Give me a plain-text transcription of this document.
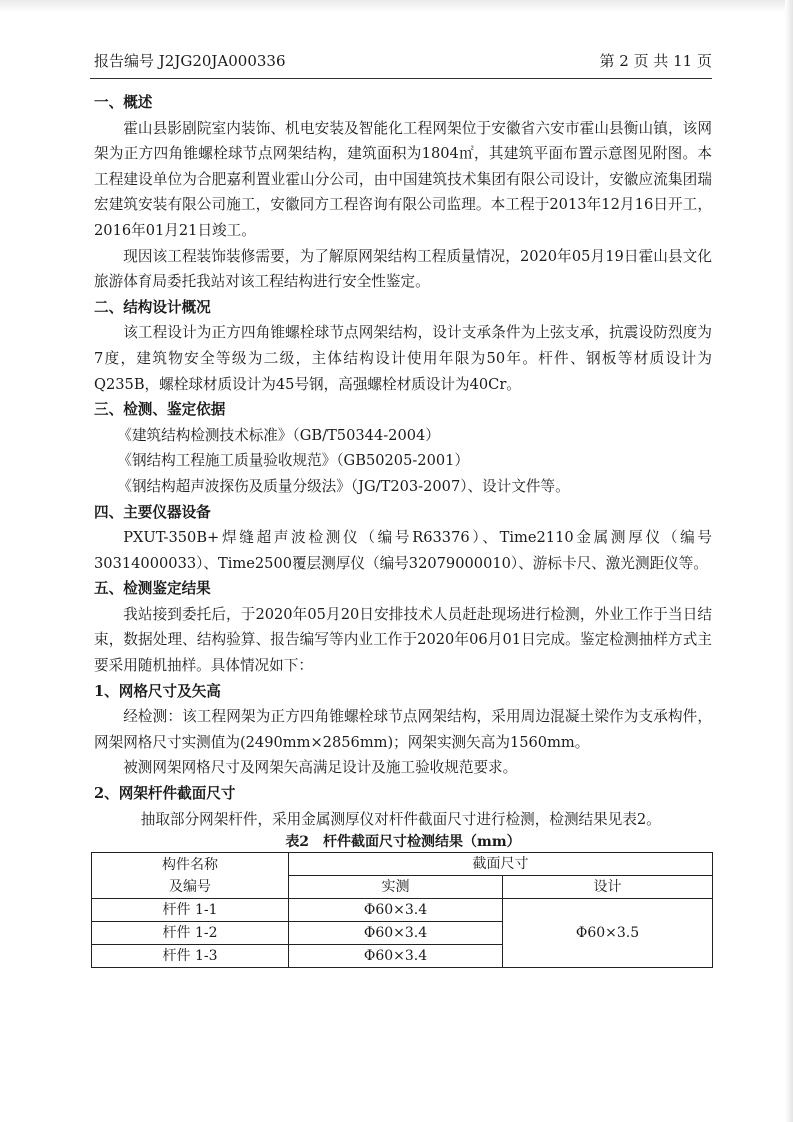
报告编号 J2JG20JA000336	第 2 页 共 11 页

一、概述

霍山县影剧院室内装饰、机电安装及智能化工程网架位于安徽省六安市霍山县衡山镇，该网架为正方四角锥螺栓球节点网架结构，建筑面积为1804㎡，其建筑平面布置示意图见附图。本工程建设单位为合肥嘉利置业霍山分公司，由中国建筑技术集团有限公司设计，安徽应流集团瑞宏建筑安装有限公司施工，安徽同方工程咨询有限公司监理。本工程于2013年12月16日开工，2016年01月21日竣工。

现因该工程装饰装修需要，为了解原网架结构工程质量情况，2020年05月19日霍山县文化旅游体育局委托我站对该工程结构进行安全性鉴定。

二、结构设计概况

该工程设计为正方四角锥螺栓球节点网架结构，设计支承条件为上弦支承，抗震设防烈度为7度，建筑物安全等级为二级，主体结构设计使用年限为50年。杆件、钢板等材质设计为Q235B，螺栓球材质设计为45号钢，高强螺栓材质设计为40Cr。

三、检测、鉴定依据

《建筑结构检测技术标准》（GB/T50344-2004）

《钢结构工程施工质量验收规范》（GB50205-2001）

《钢结构超声波探伤及质量分级法》（JG/T203-2007）、设计文件等。

四、主要仪器设备

PXUT-350B+焊缝超声波检测仪（编号R63376）、Time2110金属测厚仪（编号30314000033）、Time2500覆层测厚仪（编号32079000010）、游标卡尺、激光测距仪等。

五、检测鉴定结果

我站接到委托后，于2020年05月20日安排技术人员赶赴现场进行检测，外业工作于当日结束，数据处理、结构验算、报告编写等内业工作于2020年06月01日完成。鉴定检测抽样方式主要采用随机抽样。具体情况如下：

1、网格尺寸及矢高

经检测：该工程网架为正方四角锥螺栓球节点网架结构，采用周边混凝土梁作为支承构件，网架网格尺寸实测值为(2490mm×2856mm)；网架实测矢高为1560mm。

被测网架网格尺寸及网架矢高满足设计及施工验收规范要求。

2、网架杆件截面尺寸

抽取部分网架杆件，采用金属测厚仪对杆件截面尺寸进行检测，检测结果见表2。

表2　杆件截面尺寸检测结果（mm）
构件名称
及编号	截面尺寸	
	实测	设计
杆件 1-1	Φ60×3.4	Φ60×3.5
杆件 1-2	Φ60×3.4	
杆件 1-3	Φ60×3.4	
